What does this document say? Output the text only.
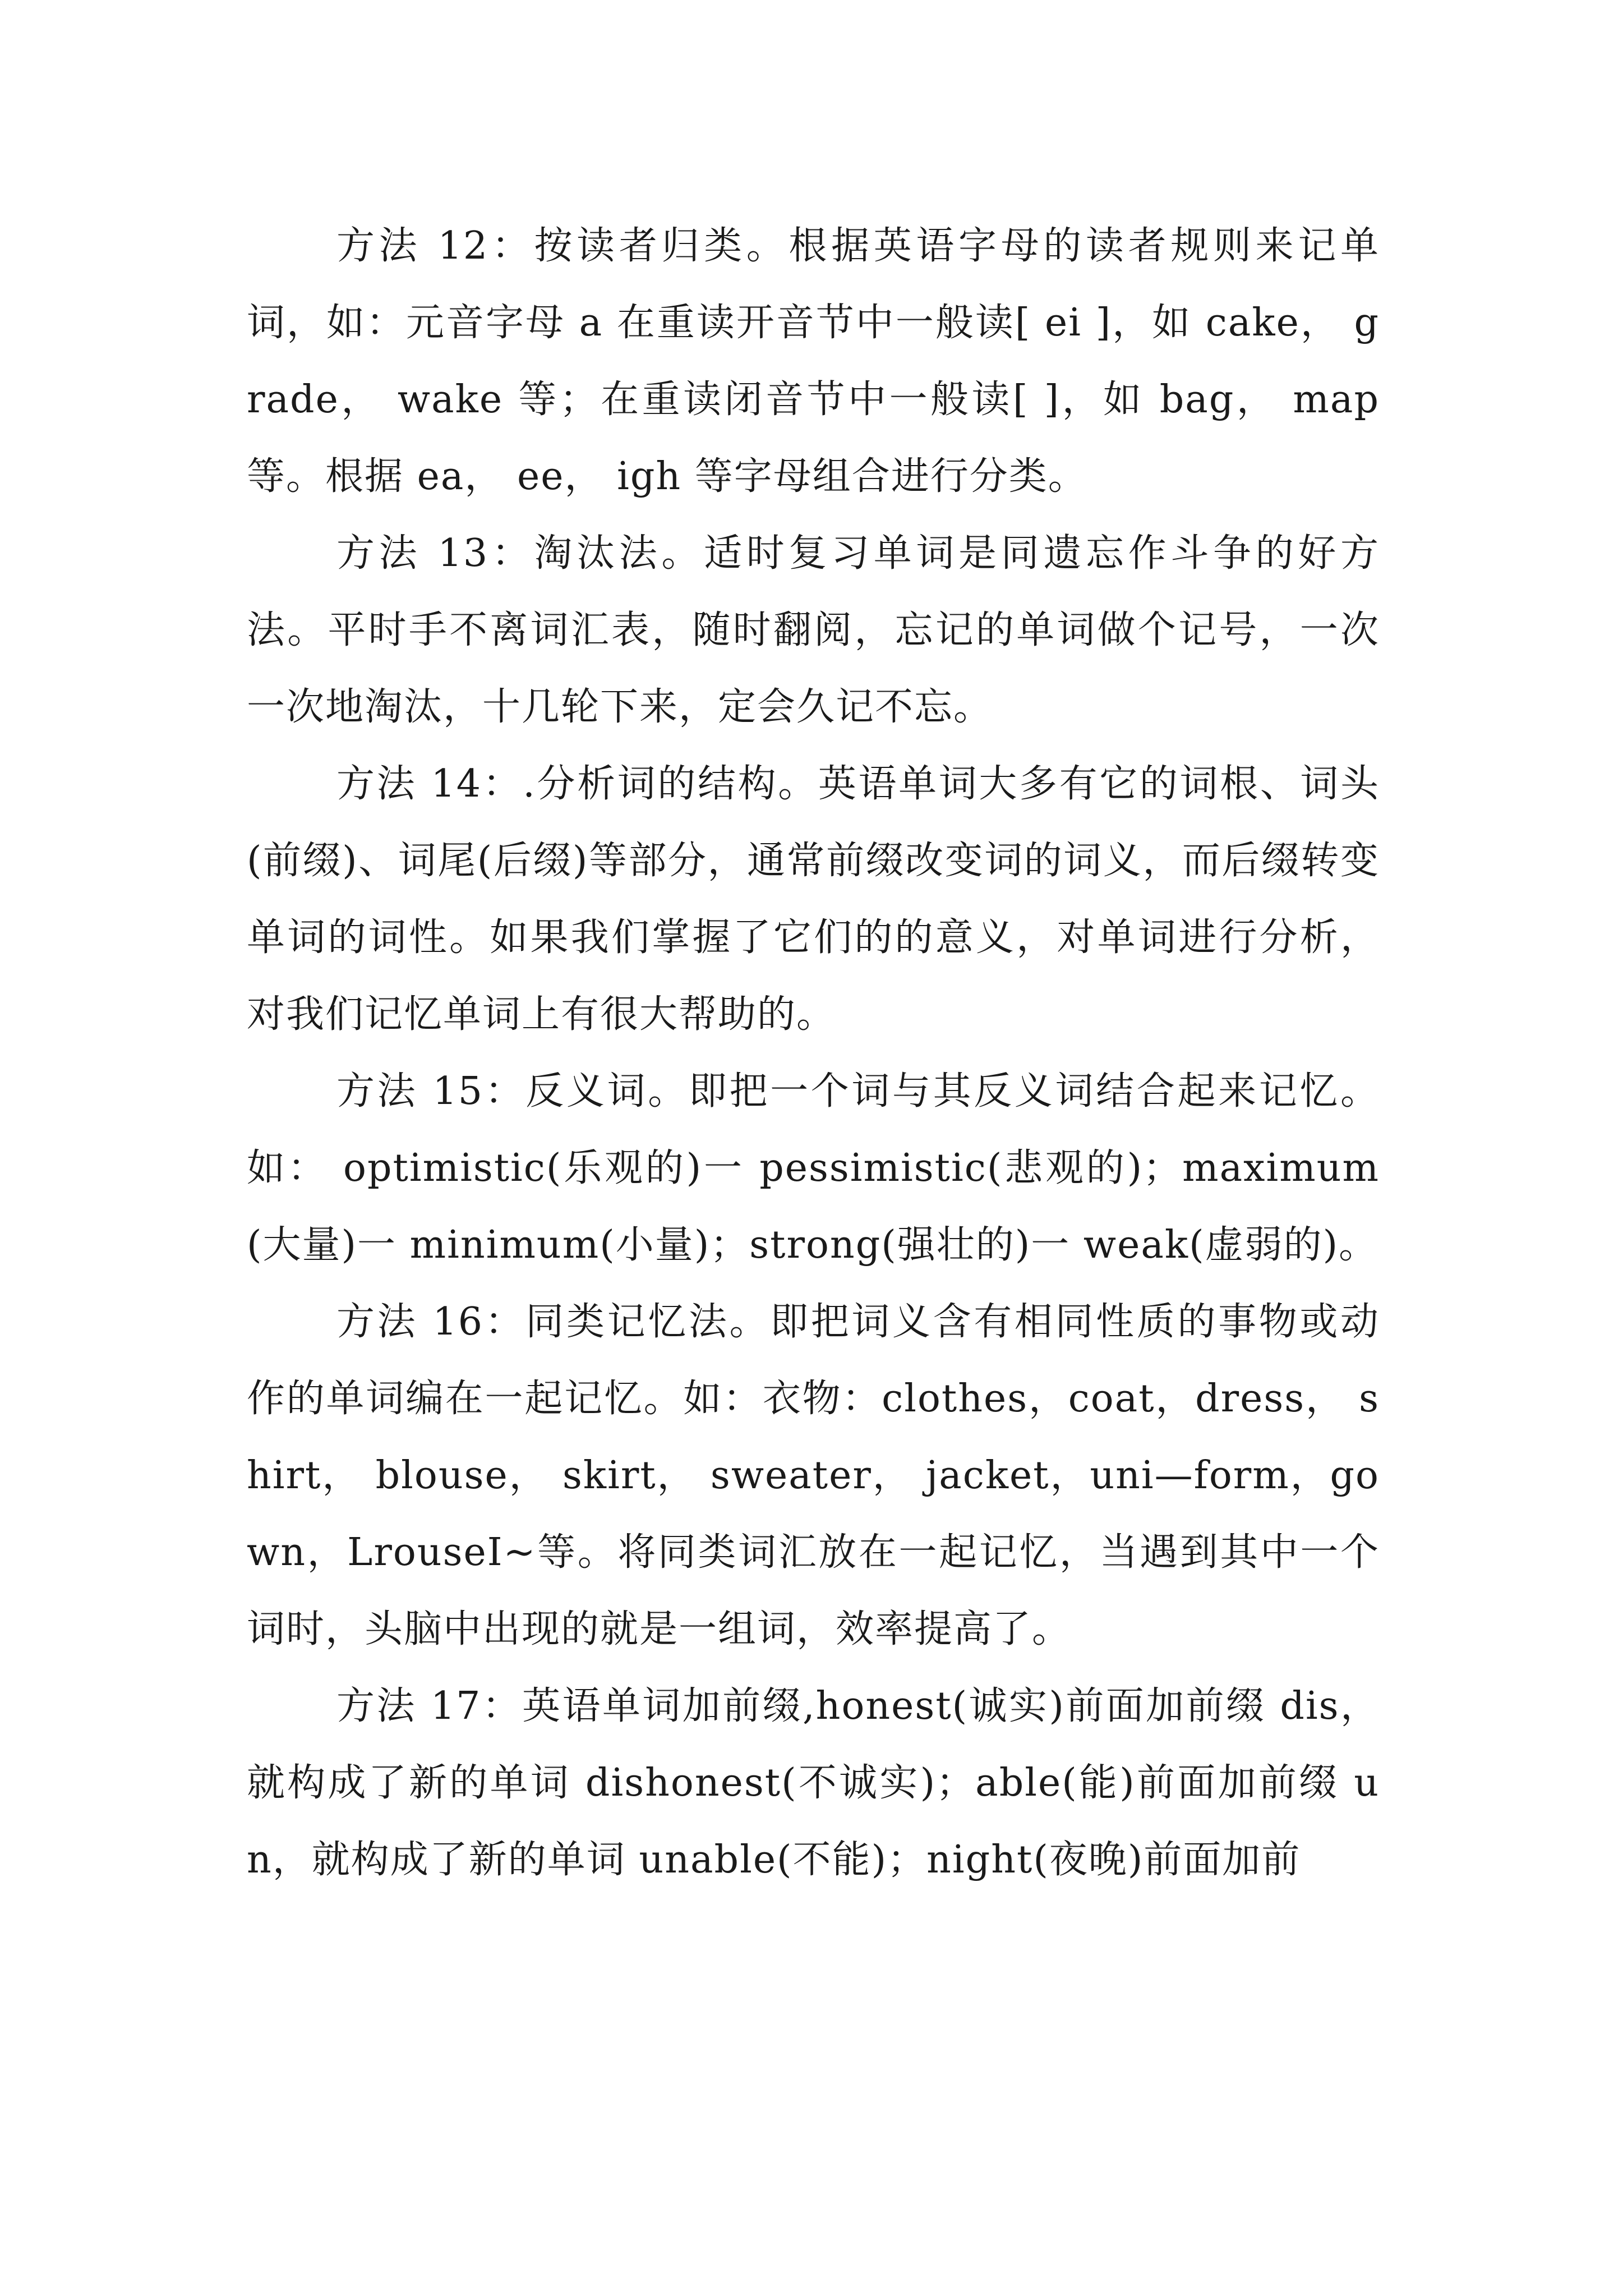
方法 12：按读者归类。根据英语字母的读者规则来记单词，如：元音字母 a 在重读开音节中一般读[ ei ]，如 cake， grade， wake 等；在重读闭音节中一般读[ ]，如 bag， map 等。根据 ea， ee， igh 等字母组合进行分类。

方法 13：淘汰法。适时复习单词是同遗忘作斗争的好方法。平时手不离词汇表，随时翻阅，忘记的单词做个记号，一次一次地淘汰，十几轮下来，定会久记不忘。

方法 14：.分析词的结构。英语单词大多有它的词根、词头(前缀)、词尾(后缀)等部分，通常前缀改变词的词义，而后缀转变单词的词性。如果我们掌握了它们的的意义，对单词进行分析，对我们记忆单词上有很大帮助的。

方法 15：反义词。即把一个词与其反义词结合起来记忆。如： optimistic(乐观的)一 pessimistic(悲观的)；maximum(大量)一 minimum(小量)；strong(强壮的)一 weak(虚弱的)。

方法 16：同类记忆法。即把词义含有相同性质的事物或动作的单词编在一起记忆。如：衣物：clothes，coat，dress， shirt， blouse， skirt， sweater， jacket，uni—form，gown，LrouseI~等。将同类词汇放在一起记忆，当遇到其中一个词时，头脑中出现的就是一组词，效率提高了。

方法 17：英语单词加前缀,honest(诚实)前面加前缀 dis，就构成了新的单词 dishonest(不诚实)；able(能)前面加前缀 un，就构成了新的单词 unable(不能)；night(夜晚)前面加前
